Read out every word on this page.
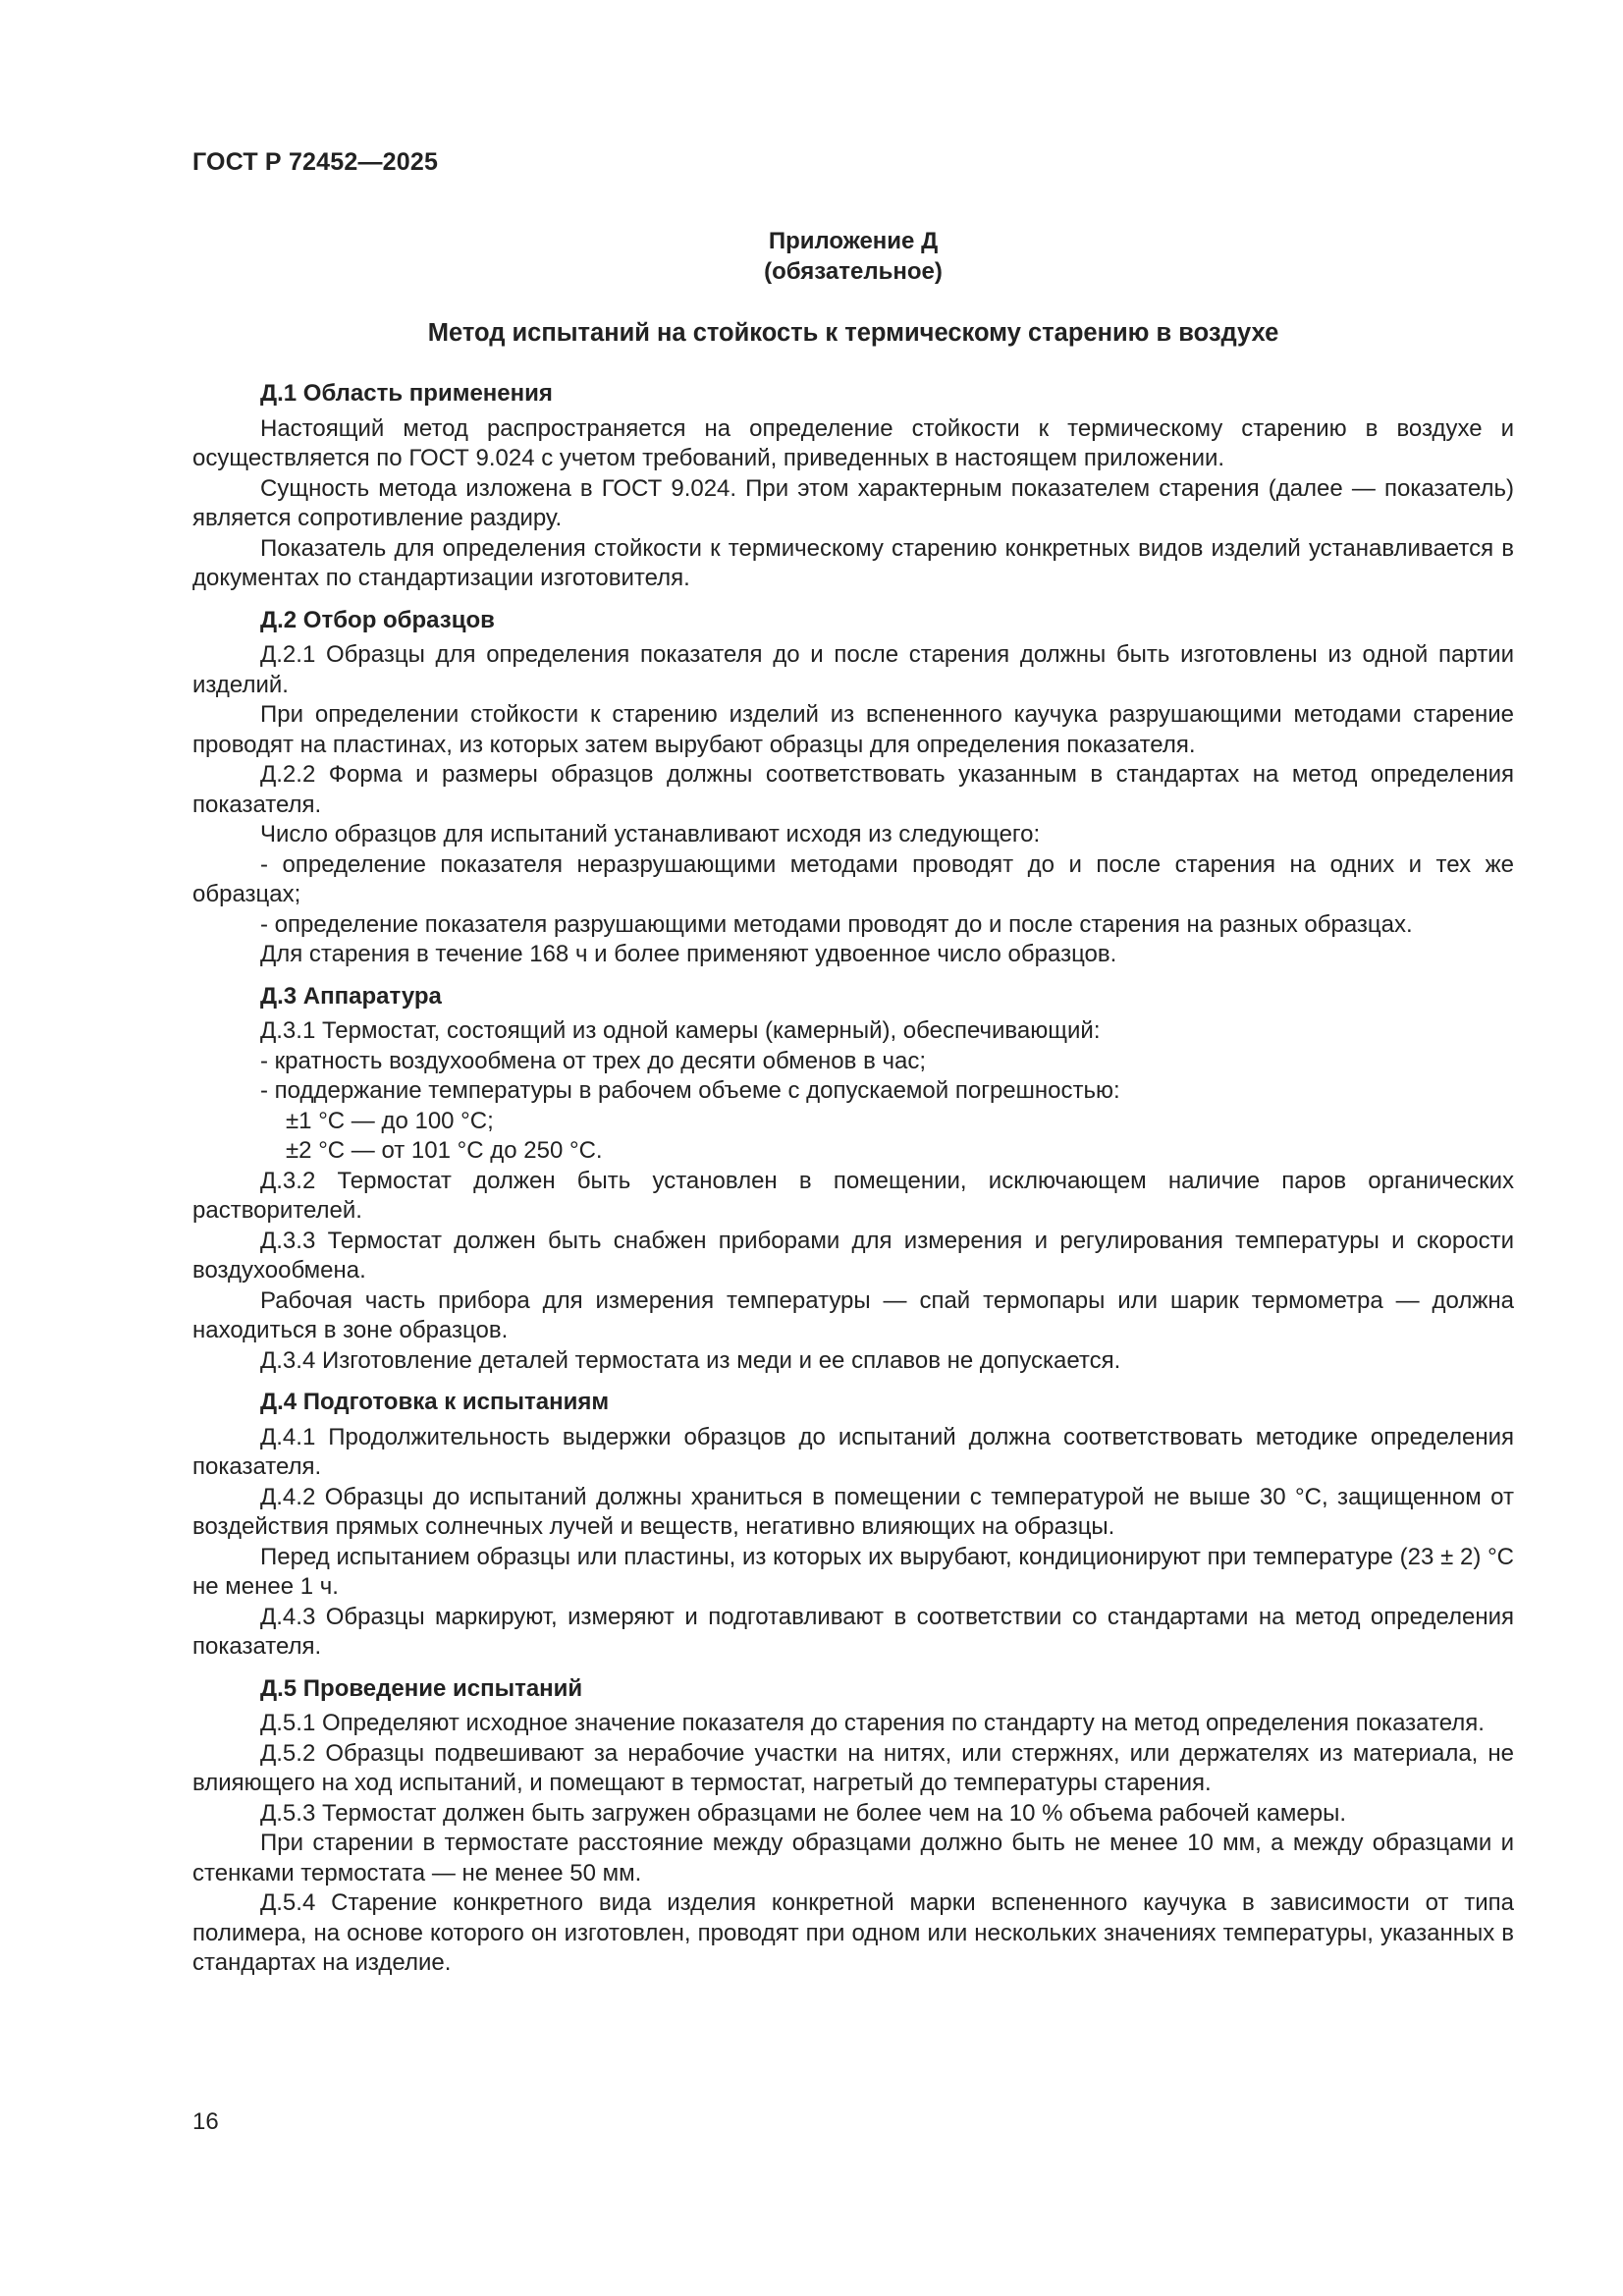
ГОСТ Р 72452—2025

Приложение Д

(обязательное)

Метод испытаний на стойкость к термическому старению в воздухе

Д.1 Область применения

Настоящий метод распространяется на определение стойкости к термическому старению в воздухе и осуществляется по ГОСТ 9.024 с учетом требований, приведенных в настоящем приложении.

Сущность метода изложена в ГОСТ 9.024. При этом характерным показателем старения (далее — показатель) является сопротивление раздиру.

Показатель для определения стойкости к термическому старению конкретных видов изделий устанавливается в документах по стандартизации изготовителя.

Д.2 Отбор образцов

Д.2.1 Образцы для определения показателя до и после старения должны быть изготовлены из одной партии изделий.

При определении стойкости к старению изделий из вспененного каучука разрушающими методами старение проводят на пластинах, из которых затем вырубают образцы для определения показателя.

Д.2.2 Форма и размеры образцов должны соответствовать указанным в стандартах на метод определения показателя.

Число образцов для испытаний устанавливают исходя из следующего:

- определение показателя неразрушающими методами проводят до и после старения на одних и тех же образцах;

- определение показателя разрушающими методами проводят до и после старения на разных образцах.

Для старения в течение 168 ч и более применяют удвоенное число образцов.

Д.3 Аппаратура

Д.3.1 Термостат, состоящий из одной камеры (камерный), обеспечивающий:

- кратность воздухообмена от трех до десяти обменов в час;

- поддержание температуры в рабочем объеме с допускаемой погрешностью:

±1 °С — до 100 °С;

±2 °С — от 101 °С до 250 °С.

Д.3.2 Термостат должен быть установлен в помещении, исключающем наличие паров органических растворителей.

Д.3.3 Термостат должен быть снабжен приборами для измерения и регулирования температуры и скорости воздухообмена.

Рабочая часть прибора для измерения температуры — спай термопары или шарик термометра — должна находиться в зоне образцов.

Д.3.4 Изготовление деталей термостата из меди и ее сплавов не допускается.

Д.4 Подготовка к испытаниям

Д.4.1 Продолжительность выдержки образцов до испытаний должна соответствовать методике определения показателя.

Д.4.2 Образцы до испытаний должны храниться в помещении с температурой не выше 30 °С, защищенном от воздействия прямых солнечных лучей и веществ, негативно влияющих на образцы.

Перед испытанием образцы или пластины, из которых их вырубают, кондиционируют при температуре (23 ± 2) °С не менее 1 ч.

Д.4.3 Образцы маркируют, измеряют и подготавливают в соответствии со стандартами на метод определения показателя.

Д.5 Проведение испытаний

Д.5.1 Определяют исходное значение показателя до старения по стандарту на метод определения показателя.

Д.5.2 Образцы подвешивают за нерабочие участки на нитях, или стержнях, или держателях из материала, не влияющего на ход испытаний, и помещают в термостат, нагретый до температуры старения.

Д.5.3 Термостат должен быть загружен образцами не более чем на 10 % объема рабочей камеры.

При старении в термостате расстояние между образцами должно быть не менее 10 мм, а между образцами и стенками термостата — не менее 50 мм.

Д.5.4 Старение конкретного вида изделия конкретной марки вспененного каучука в зависимости от типа полимера, на основе которого он изготовлен, проводят при одном или нескольких значениях температуры, указанных в стандартах на изделие.

16
